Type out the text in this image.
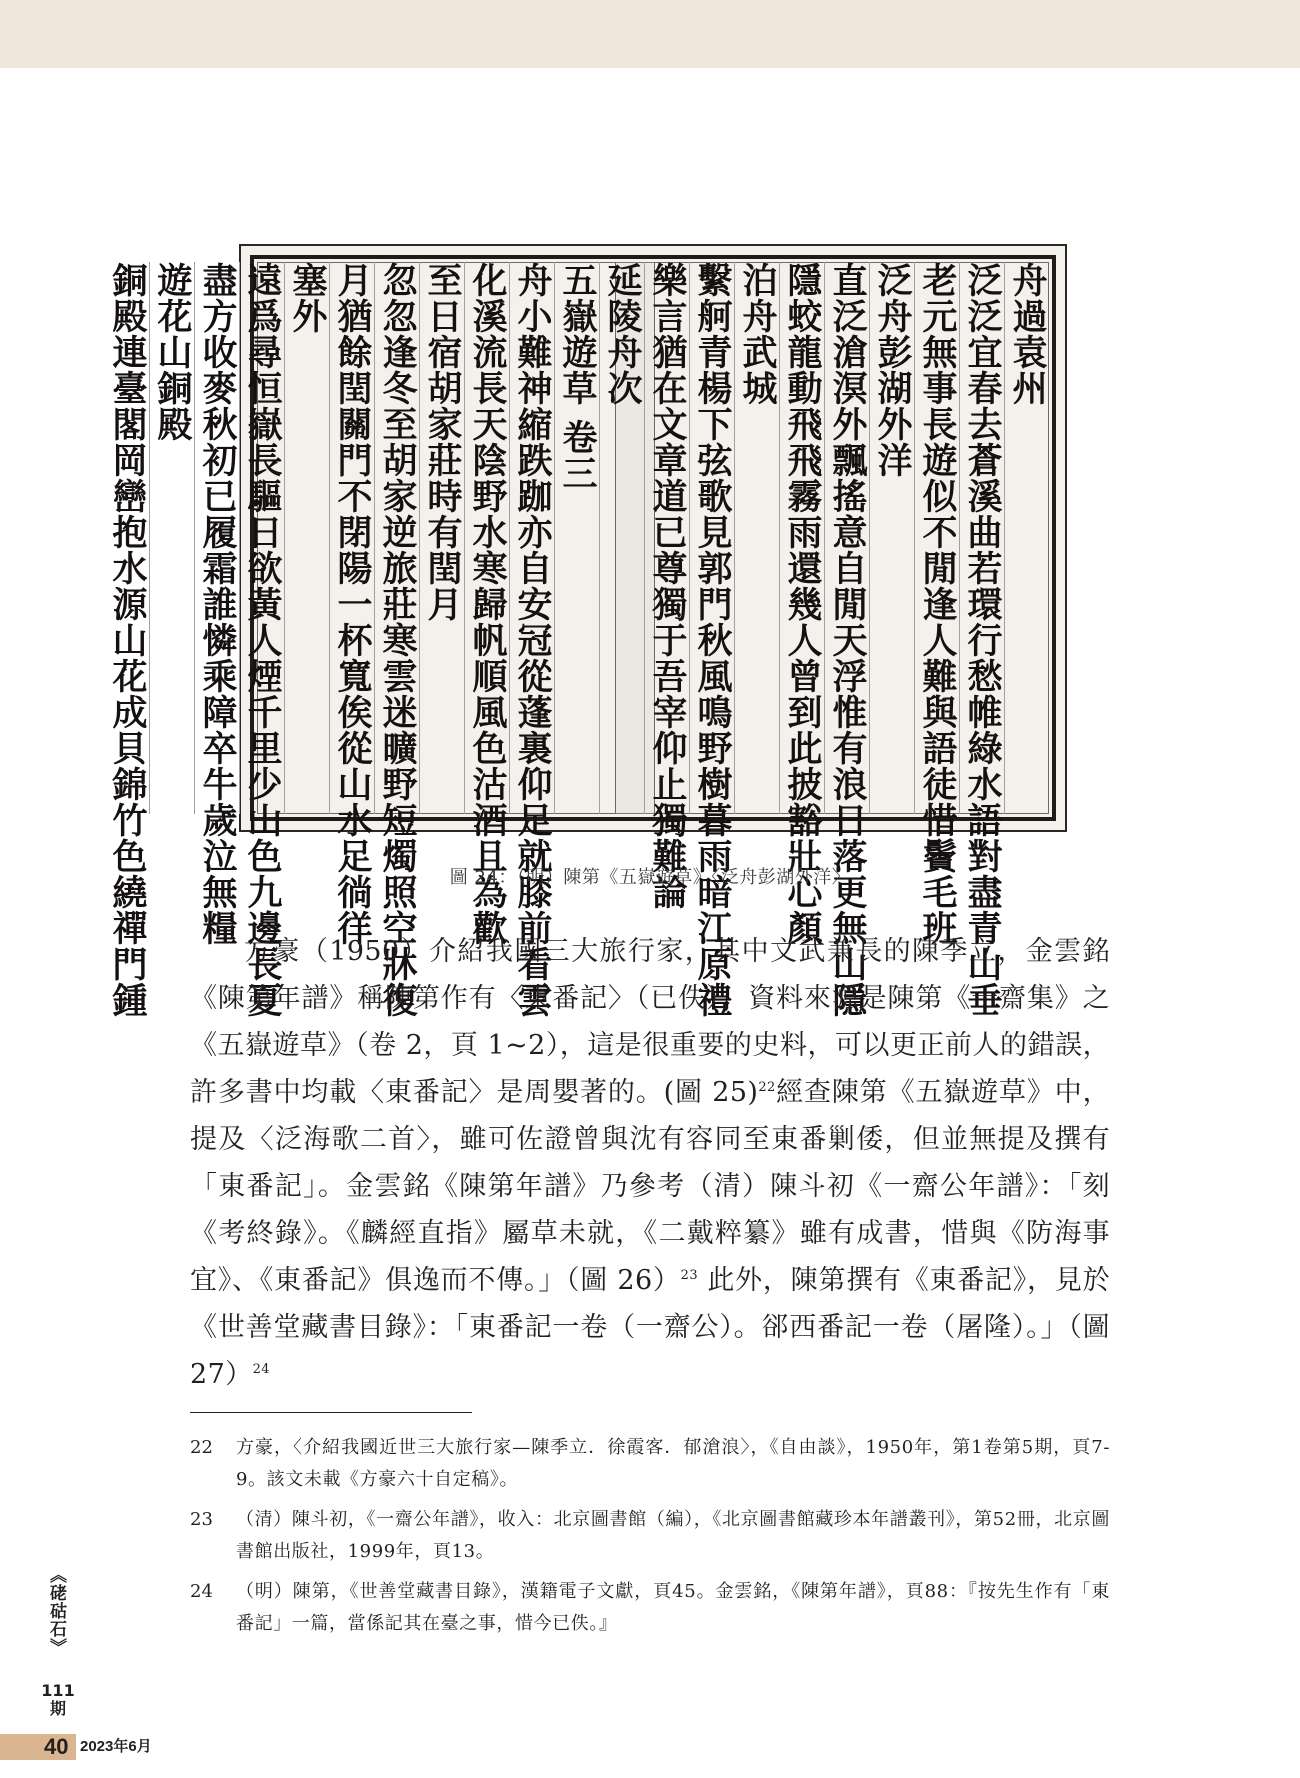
舟過袁州
泛泛宜春去蒼溪曲若環行愁帷綠水語對盡青山垂
老元無事長遊似不閒逢人難與語徒惜鬢毛班
泛舟彭湖外洋
直泛滄溟外飄搖意自閒天浮惟有浪日落更無山隱
隱蛟龍動飛飛霧雨還幾人曾到此披豁壯心顏
泊舟武城
繫舸青楊下弦歌見郭門秋風鳴野樹暮雨暗江原禮
樂言猶在文章道已尊獨于吾宰仰止獨難論
延陵舟次
五嶽遊草 卷三
舟小難神縮跌跏亦自安冠從蓬裏仰足就膝前看雲
化溪流長天陰野水寒歸帆順風色沽酒且為歡
至日宿胡家莊時有閏月
忽忽逢冬至胡家逆旅莊寒雲迷曠野短燭照空牀復
月猶餘閏關門不閉陽一杯寬俟從山水足徜徉
塞外
遠爲尋恒嶽長驅日欲黃人煙千里少山色九邊長夏
盡方收麥秋初已履霜誰憐乘障卒牛歲泣無糧
遊花山銅殿
銅殿連臺閣岡巒抱水源山花成貝錦竹色繞禪門鍾	圖 24：（明）陳第《五嶽遊草》〈泛舟彭湖外洋〉

方豪（1950）介紹我國三大旅行家，其中文武兼長的陳季立，金雲銘《陳第年譜》稱陳第作有〈東番記〉（已佚），資料來源是陳第《一齋集》之《五嶽遊草》（卷 2，頁 1~2），這是很重要的史料，可以更正前人的錯誤，許多書中均載〈東番記〉是周嬰著的。(圖 25)$^{22}$經查陳第《五嶽遊草》中，提及〈泛海歌二首〉，雖可佐證曾與沈有容同至東番剿倭，但並無提及撰有「東番記」。金雲銘《陳第年譜》乃參考（清）陳斗初《一齋公年譜》：「刻《考終錄》。《麟經直指》屬草未就，《二戴粹纂》雖有成書，惜與《防海事宜》、《東番記》俱逸而不傳。」（圖 26）$^{23}$ 此外，陳第撰有《東番記》，見於《世善堂藏書目錄》：「東番記一卷（一齋公）。郤西番記一卷（屠隆）。」（圖 27）$^{24}$

22	方豪，〈介紹我國近世三大旅行家—陳季立．徐霞客．郁滄浪〉，《自由談》，1950年，第1卷第5期，頁7-9。該文未載《方豪六十自定稿》。
23	（清）陳斗初，《一齋公年譜》，收入：北京圖書館（編），《北京圖書館藏珍本年譜叢刊》，第52冊，北京圖書館出版社，1999年，頁13。
24	（明）陳第，《世善堂藏書目錄》，漢籍電子文獻，頁45。金雲銘，《陳第年譜》，頁88：『按先生作有「東番記」一篇，當係記其在臺之事，惜今已佚。』
《硓𥑮石》
111期
40 2023年6月
